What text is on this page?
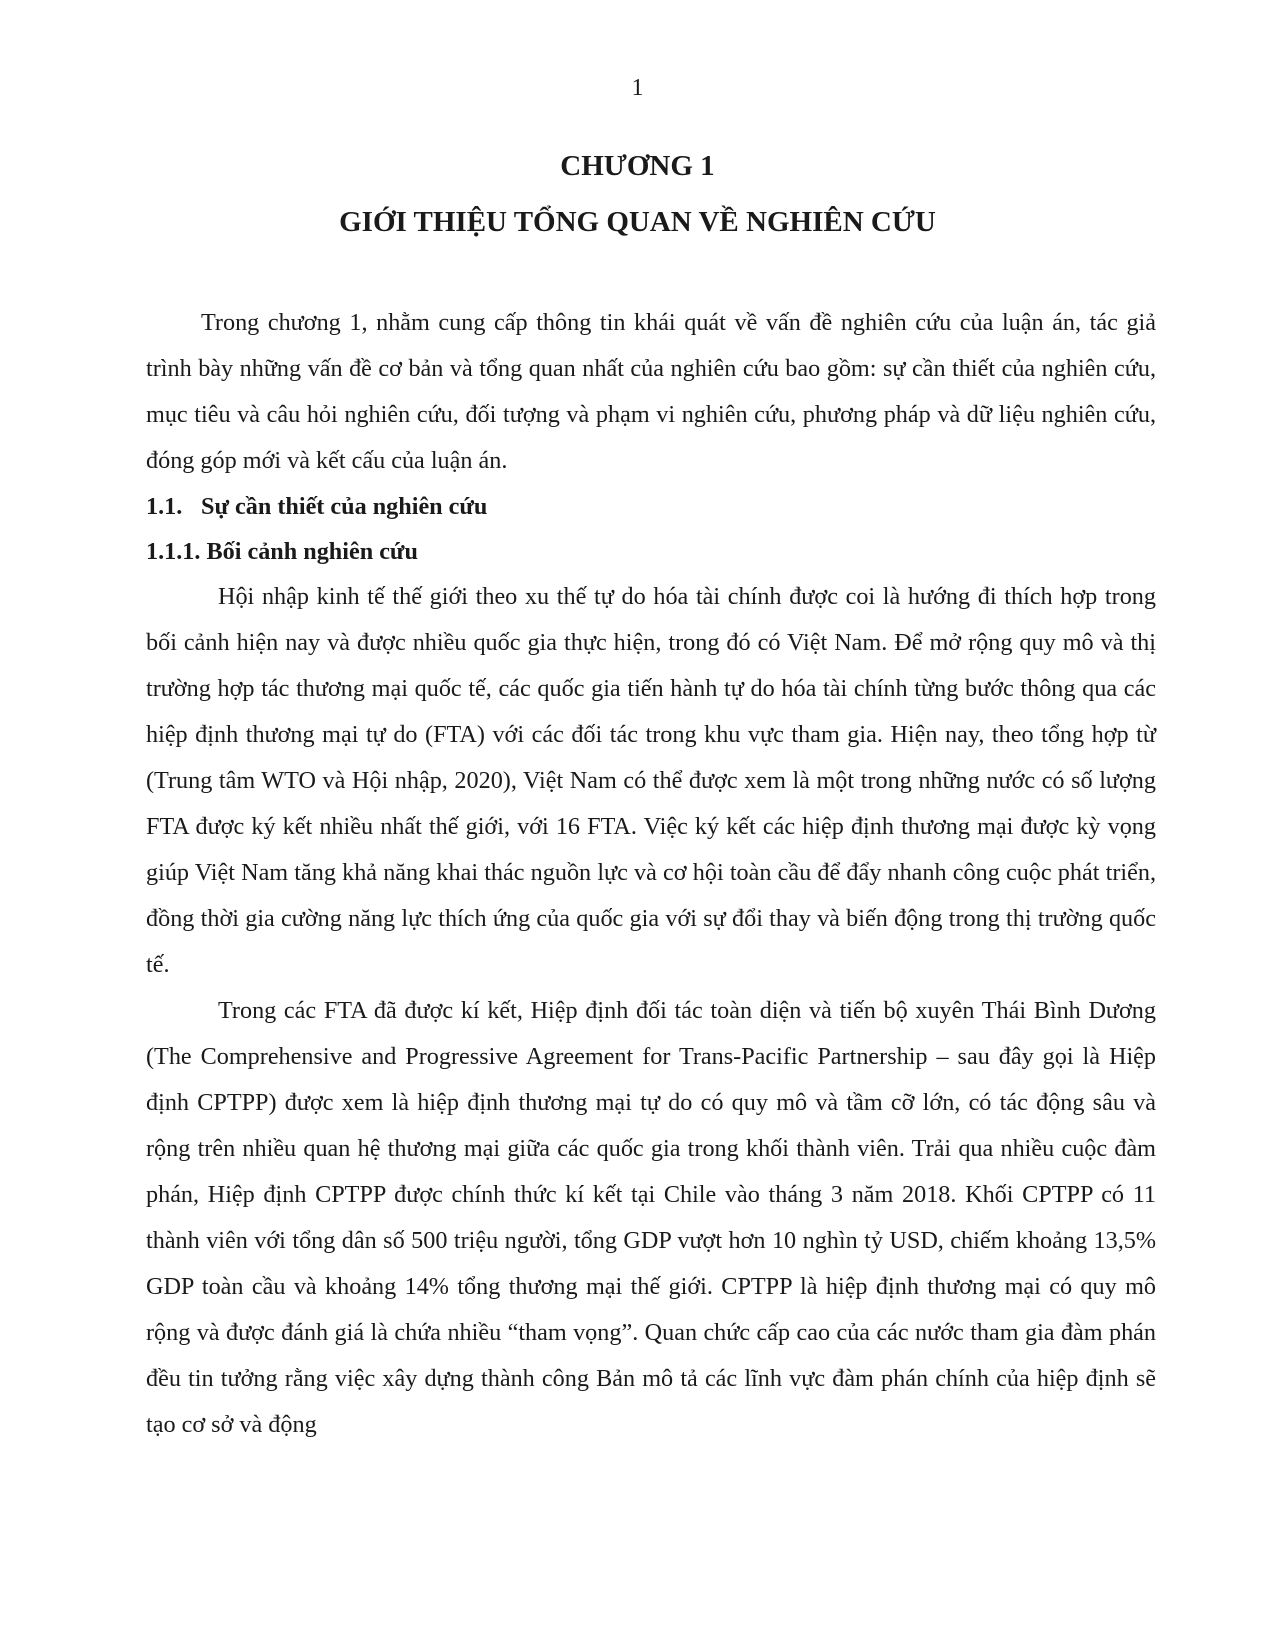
1
CHƯƠNG 1
GIỚI THIỆU TỔNG QUAN VỀ NGHIÊN CỨU

Trong chương 1, nhằm cung cấp thông tin khái quát về vấn đề nghiên cứu của luận án, tác giả trình bày những vấn đề cơ bản và tổng quan nhất của nghiên cứu bao gồm: sự cần thiết của nghiên cứu, mục tiêu và câu hỏi nghiên cứu, đối tượng và phạm vi nghiên cứu, phương pháp và dữ liệu nghiên cứu, đóng góp mới và kết cấu của luận án.

1.1. Sự cần thiết của nghiên cứu
1.1.1. Bối cảnh nghiên cứu

Hội nhập kinh tế thế giới theo xu thế tự do hóa tài chính được coi là hướng đi thích hợp trong bối cảnh hiện nay và được nhiều quốc gia thực hiện, trong đó có Việt Nam. Để mở rộng quy mô và thị trường hợp tác thương mại quốc tế, các quốc gia tiến hành tự do hóa tài chính từng bước thông qua các hiệp định thương mại tự do (FTA) với các đối tác trong khu vực tham gia. Hiện nay, theo tổng hợp từ (Trung tâm WTO và Hội nhập, 2020), Việt Nam có thể được xem là một trong những nước có số lượng FTA được ký kết nhiều nhất thế giới, với 16 FTA. Việc ký kết các hiệp định thương mại được kỳ vọng giúp Việt Nam tăng khả năng khai thác nguồn lực và cơ hội toàn cầu để đẩy nhanh công cuộc phát triển, đồng thời gia cường năng lực thích ứng của quốc gia với sự đổi thay và biến động trong thị trường quốc tế.

Trong các FTA đã được kí kết, Hiệp định đối tác toàn diện và tiến bộ xuyên Thái Bình Dương (The Comprehensive and Progressive Agreement for Trans-Pacific Partnership – sau đây gọi là Hiệp định CPTPP) được xem là hiệp định thương mại tự do có quy mô và tầm cỡ lớn, có tác động sâu và rộng trên nhiều quan hệ thương mại giữa các quốc gia trong khối thành viên. Trải qua nhiều cuộc đàm phán, Hiệp định CPTPP được chính thức kí kết tại Chile vào tháng 3 năm 2018. Khối CPTPP có 11 thành viên với tổng dân số 500 triệu người, tổng GDP vượt hơn 10 nghìn tỷ USD, chiếm khoảng 13,5% GDP toàn cầu và khoảng 14% tổng thương mại thế giới. CPTPP là hiệp định thương mại có quy mô rộng và được đánh giá là chứa nhiều “tham vọng”. Quan chức cấp cao của các nước tham gia đàm phán đều tin tưởng rằng việc xây dựng thành công Bản mô tả các lĩnh vực đàm phán chính của hiệp định sẽ tạo cơ sở và động
